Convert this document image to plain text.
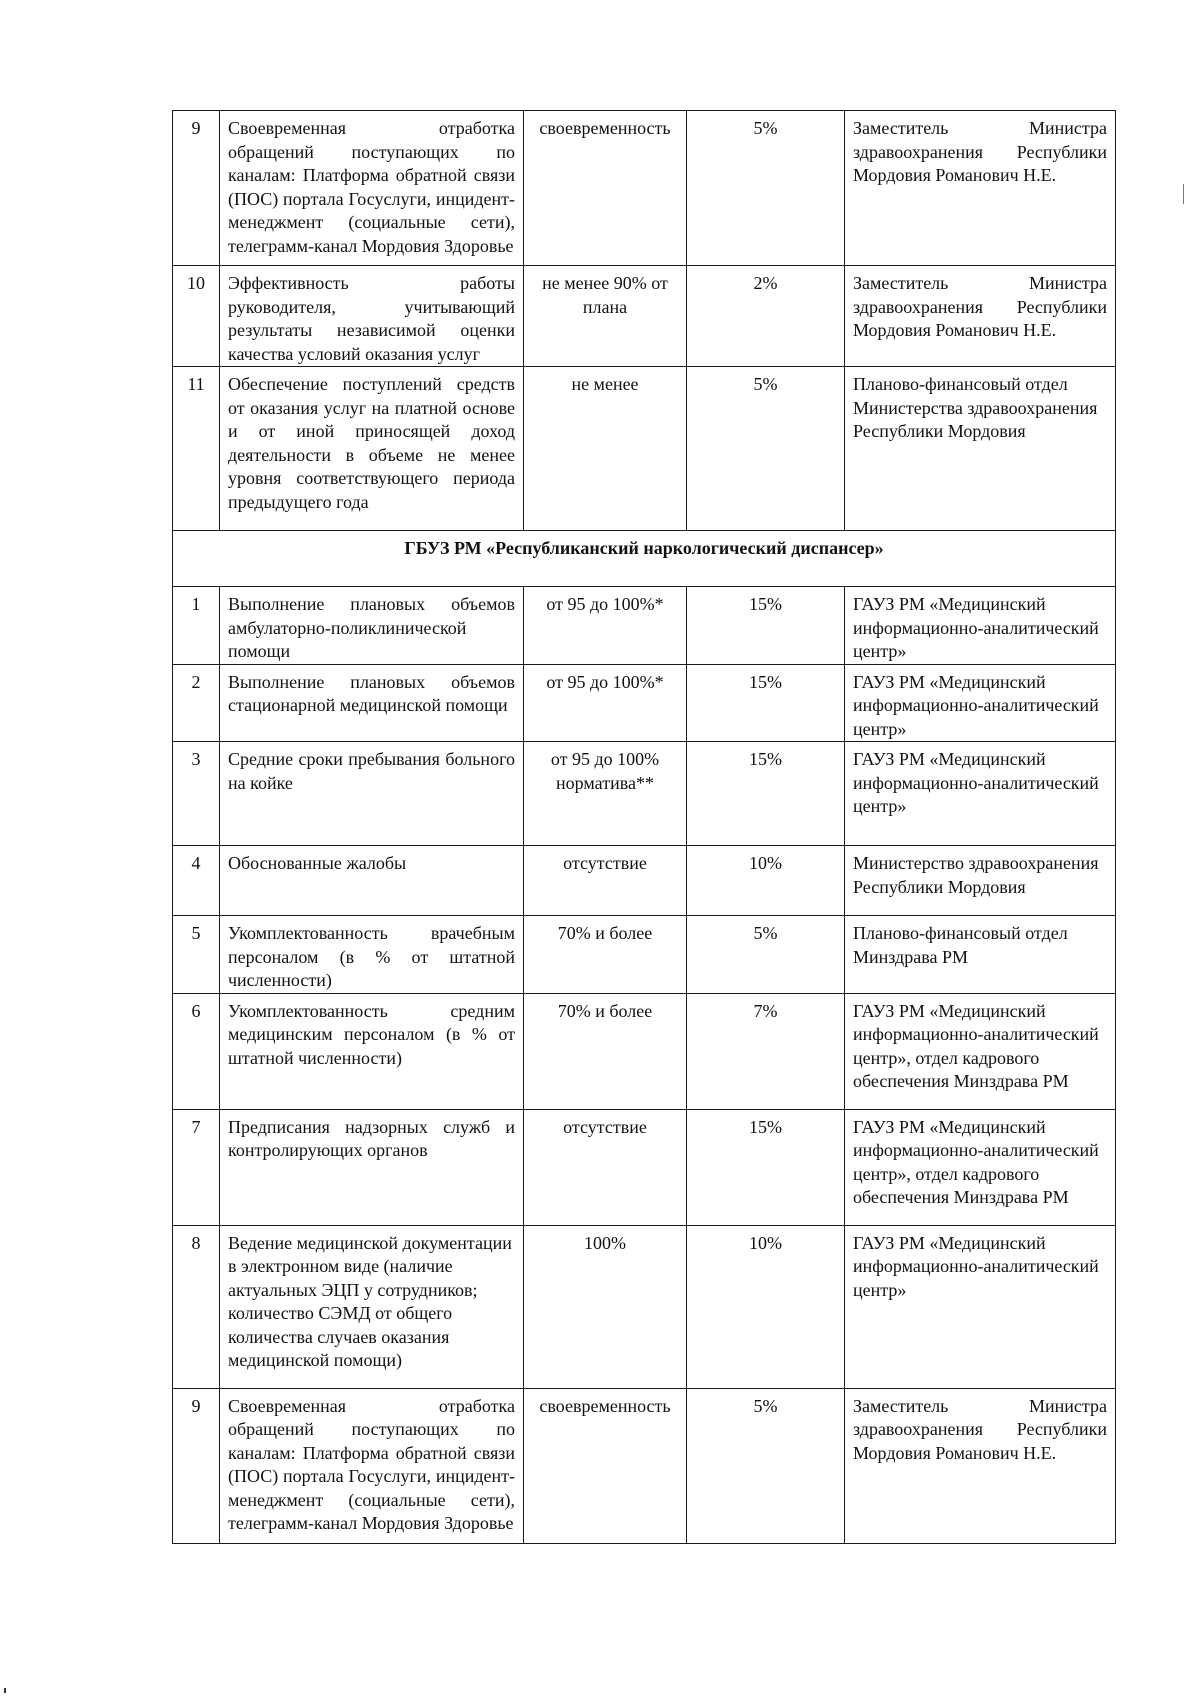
9	Своевременная отработка обращений поступающих по каналам: Платформа обратной связи (ПОС) портала Госуслуги, инцидент-менеджмент (социальные сети), телеграмм-канал Мордовия Здоровье	своевременность	5%	Заместитель Министра здравоохранения Республики Мордовия Романович Н.Е.
10	Эффективность работы руководителя, учитывающий результаты независимой оценки качества условий оказания услуг	не менее 90% от плана	2%	Заместитель Министра здравоохранения Республики Мордовия Романович Н.Е.
11	Обеспечение поступлений средств от оказания услуг на платной основе и от иной приносящей доход деятельности в объеме не менее уровня соответствующего периода предыдущего года	не менее	5%	Планово-финансовый отдел Министерства здравоохранения Республики Мордовия
ГБУЗ РМ «Республиканский наркологический диспансер»				
1	Выполнение плановых объемов амбулаторно-поликлинической помощи	от 95 до 100%*	15%	ГАУЗ РМ «Медицинский информационно-аналитический центр»
2	Выполнение плановых объемов стационарной медицинской помощи	от 95 до 100%*	15%	ГАУЗ РМ «Медицинский информационно-аналитический центр»
3	Средние сроки пребывания больного на койке	от 95 до 100% норматива**	15%	ГАУЗ РМ «Медицинский информационно-аналитический центр»
4	Обоснованные жалобы	отсутствие	10%	Министерство здравоохранения Республики Мордовия
5	Укомплектованность врачебным персоналом (в % от штатной численности)	70% и более	5%	Планово-финансовый отдел Минздрава РМ
6	Укомплектованность средним медицинским персоналом (в % от штатной численности)	70% и более	7%	ГАУЗ РМ «Медицинский информационно-аналитический центр», отдел кадрового обеспечения Минздрава РМ
7	Предписания надзорных служб и контролирующих органов	отсутствие	15%	ГАУЗ РМ «Медицинский информационно-аналитический центр», отдел кадрового обеспечения Минздрава РМ
8	Ведение медицинской документации в электронном виде (наличие актуальных ЭЦП у сотрудников; количество СЭМД от общего количества случаев оказания медицинской помощи)	100%	10%	ГАУЗ РМ «Медицинский информационно-аналитический центр»
9	Своевременная отработка обращений поступающих по каналам: Платформа обратной связи (ПОС) портала Госуслуги, инцидент-менеджмент (социальные сети), телеграмм-канал Мордовия Здоровье	своевременность	5%	Заместитель Министра здравоохранения Республики Мордовия Романович Н.Е.
